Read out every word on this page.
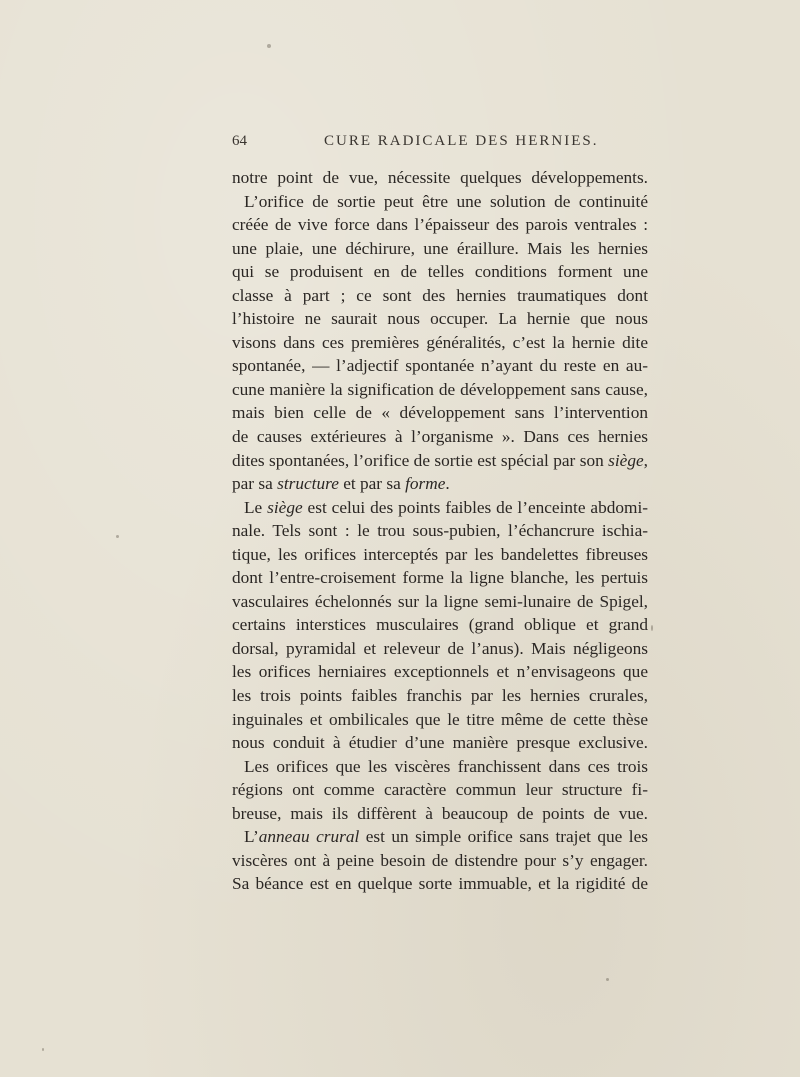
64	CURE RADICALE DES HERNIES.
notre point de vue, nécessite quelques développements.
L’orifice de sortie peut être une solution de continuité
créée de vive force dans l’épaisseur des parois ventrales :
une plaie, une déchirure, une éraillure. Mais les hernies
qui se produisent en de telles conditions forment une
classe à part ; ce sont des hernies traumatiques dont
l’histoire ne saurait nous occuper. La hernie que nous
visons dans ces premières généralités, c’est la hernie dite
spontanée, — l’adjectif spontanée n’ayant du reste en au-
cune manière la signification de développement sans cause,
mais bien celle de « développement sans l’intervention
de causes extérieures à l’organisme ». Dans ces hernies
dites spontanées, l’orifice de sortie est spécial par son siège,
par sa structure et par sa forme.
Le siège est celui des points faibles de l’enceinte abdomi-
nale. Tels sont : le trou sous-pubien, l’échancrure ischia-
tique, les orifices interceptés par les bandelettes fibreuses
dont l’entre-croisement forme la ligne blanche, les pertuis
vasculaires échelonnés sur la ligne semi-lunaire de Spigel,
certains interstices musculaires (grand oblique et grand
dorsal, pyramidal et releveur de l’anus). Mais négligeons
les orifices herniaires exceptionnels et n’envisageons que
les trois points faibles franchis par les hernies crurales,
inguinales et ombilicales que le titre même de cette thèse
nous conduit à étudier d’une manière presque exclusive.
Les orifices que les viscères franchissent dans ces trois
régions ont comme caractère commun leur structure fi-
breuse, mais ils diffèrent à beaucoup de points de vue.
L’anneau crural est un simple orifice sans trajet que les
viscères ont à peine besoin de distendre pour s’y engager.
Sa béance est en quelque sorte immuable, et la rigidité de
